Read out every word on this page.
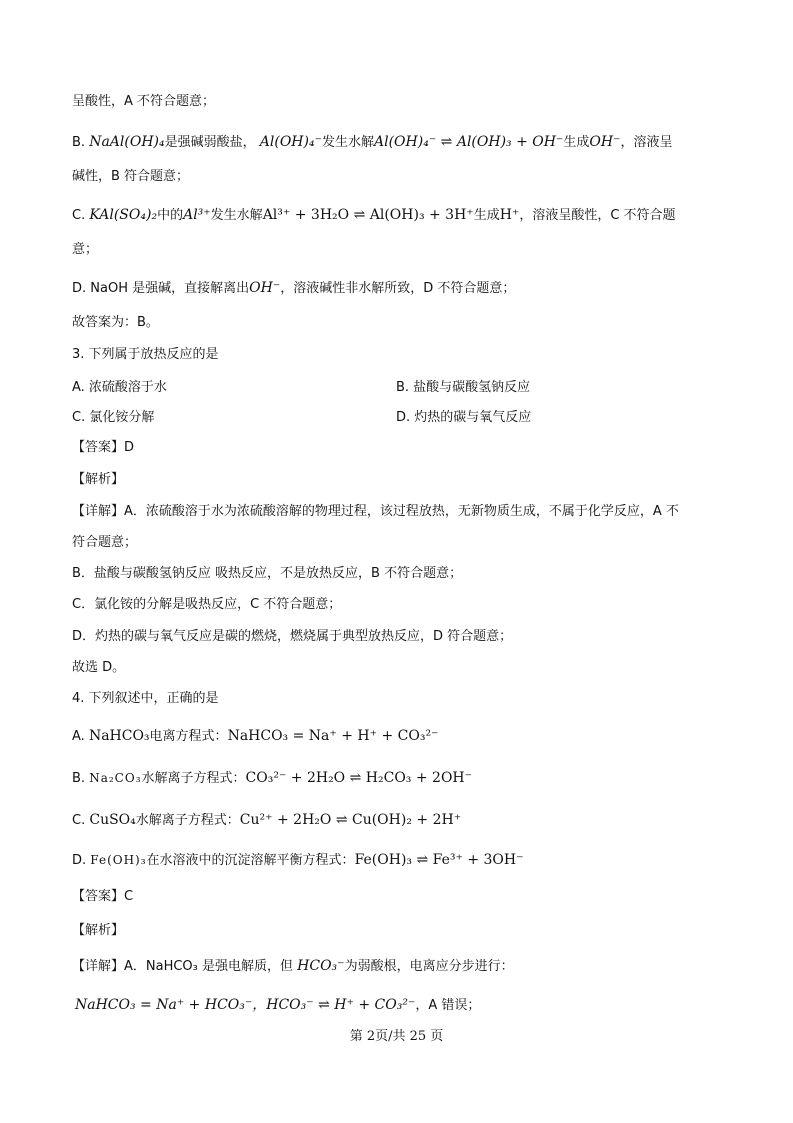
呈酸性，A 不符合题意；
B. NaAl(OH)₄是强碱弱酸盐， Al(OH)₄⁻发生水解Al(OH)₄⁻ ⇌ Al(OH)₃ + OH⁻生成OH⁻，溶液呈
碱性，B 符合题意；
C. KAl(SO₄)₂中的Al³⁺发生水解Al³⁺ + 3H₂O ⇌ Al(OH)₃ + 3H⁺生成H⁺，溶液呈酸性，C 不符合题
意；
D. NaOH 是强碱，直接解离出OH⁻，溶液碱性非水解所致，D 不符合题意；
故答案为：B。
3. 下列属于放热反应的是
A. 浓硫酸溶于水	B. 盐酸与碳酸氢钠反应
C. 氯化铵分解	D. 灼热的碳与氧气反应
【答案】D
【解析】
【详解】A．浓硫酸溶于水为浓硫酸溶解的物理过程，该过程放热，无新物质生成，不属于化学反应，A 不
符合题意；
B．盐酸与碳酸氢钠反应 吸热反应，不是放热反应，B 不符合题意；
C．氯化铵的分解是吸热反应，C 不符合题意；
D．灼热的碳与氧气反应是碳的燃烧，燃烧属于典型放热反应，D 符合题意；
故选 D。
4. 下列叙述中，正确的是
A. NaHCO₃电离方程式：NaHCO₃ = Na⁺ + H⁺ + CO₃²⁻
B. Na₂CO₃水解离子方程式：CO₃²⁻ + 2H₂O ⇌ H₂CO₃ + 2OH⁻
C. CuSO₄水解离子方程式：Cu²⁺ + 2H₂O ⇌ Cu(OH)₂ + 2H⁺
D. Fe(OH)₃在水溶液中的沉淀溶解平衡方程式：Fe(OH)₃ ⇌ Fe³⁺ + 3OH⁻
【答案】C
【解析】
【详解】A．NaHCO₃ 是强电解质，但 HCO₃⁻为弱酸根，电离应分步进行：
NaHCO₃ = Na⁺ + HCO₃⁻，HCO₃⁻ ⇌ H⁺ + CO₃²⁻，A 错误；
第 2页/共 25 页
